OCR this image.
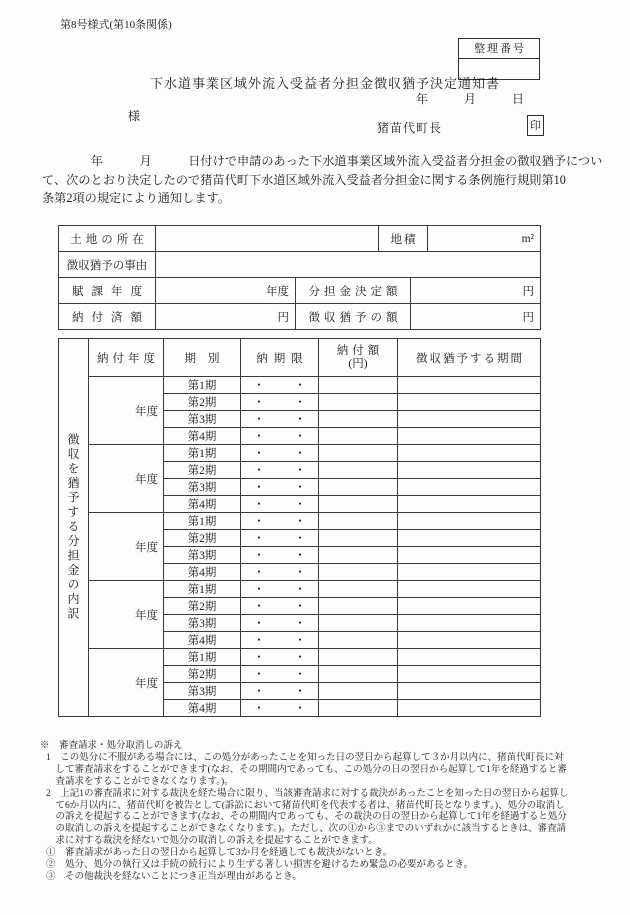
第8号様式(第10条関係)
整理番号
下水道事業区域外流入受益者分担金徴収猶予決定通知書
年　　　月　　　日
様
猪苗代町長	印
　　　　年　　　月　　　日付けで申請のあった下水道事業区域外流入受益者分担金の徴収猶予につい
て、次のとおり決定したので猪苗代町下水道区域外流入受益者分担金に関する条例施行規則第10
条第2項の規定により通知します。
土地の所在			地積		m²
徴収猶予の事由					
賦課年度	年度	分担金決定額		円	
納付済額	円	徴収猶予の額		円	
徴収を猶予する分担金の内訳	納付年度	期別	納期限	納付額
(円)	徴収猶予する期間
	年度	第1期	・　・		
		第2期	・　・		
		第3期	・　・		
		第4期	・　・		
	年度	第1期	・　・		
		第2期	・　・		
		第3期	・　・		
		第4期	・　・		
	年度	第1期	・　・		
		第2期	・　・		
		第3期	・　・		
		第4期	・　・		
	年度	第1期	・　・		
		第2期	・　・		
		第3期	・　・		
		第4期	・　・		
	年度	第1期	・　・		
		第2期	・　・		
		第3期	・　・		
		第4期	・　・		
※　審査請求・処分取消しの訴え
1　この処分に不服がある場合には、この処分があったことを知った日の翌日から起算して３か月以内に、猪苗代町長に対
　して審査請求をすることができます(なお、その期間内であっても、この処分の日の翌日から起算して1年を経過すると審
　査請求をすることができなくなります。)。
2　上記1の審査請求に対する裁決を経た場合に限り、当該審査請求に対する裁決があったことを知った日の翌日から起算し
　て6か月以内に、猪苗代町を被告として(訴訟において猪苗代町を代表する者は、猪苗代町長となります。)、処分の取消し
　の訴えを提起することができます(なお、その期間内であっても、その裁決の日の翌日から起算して1年を経過すると処分
　の取消しの訴えを提起することができなくなります。)。ただし、次の①から③までのいずれかに該当するときは、審査請
　求に対する裁決を経ないで処分の取消しの訴えを提起することができます。
①　審査請求があった日の翌日から起算して3か月を経過しても裁決がないとき。
②　処分、処分の執行又は手続の続行により生ずる著しい損害を避けるため緊急の必要があるとき。
③　その他裁決を経ないことにつき正当が理由があるとき。
